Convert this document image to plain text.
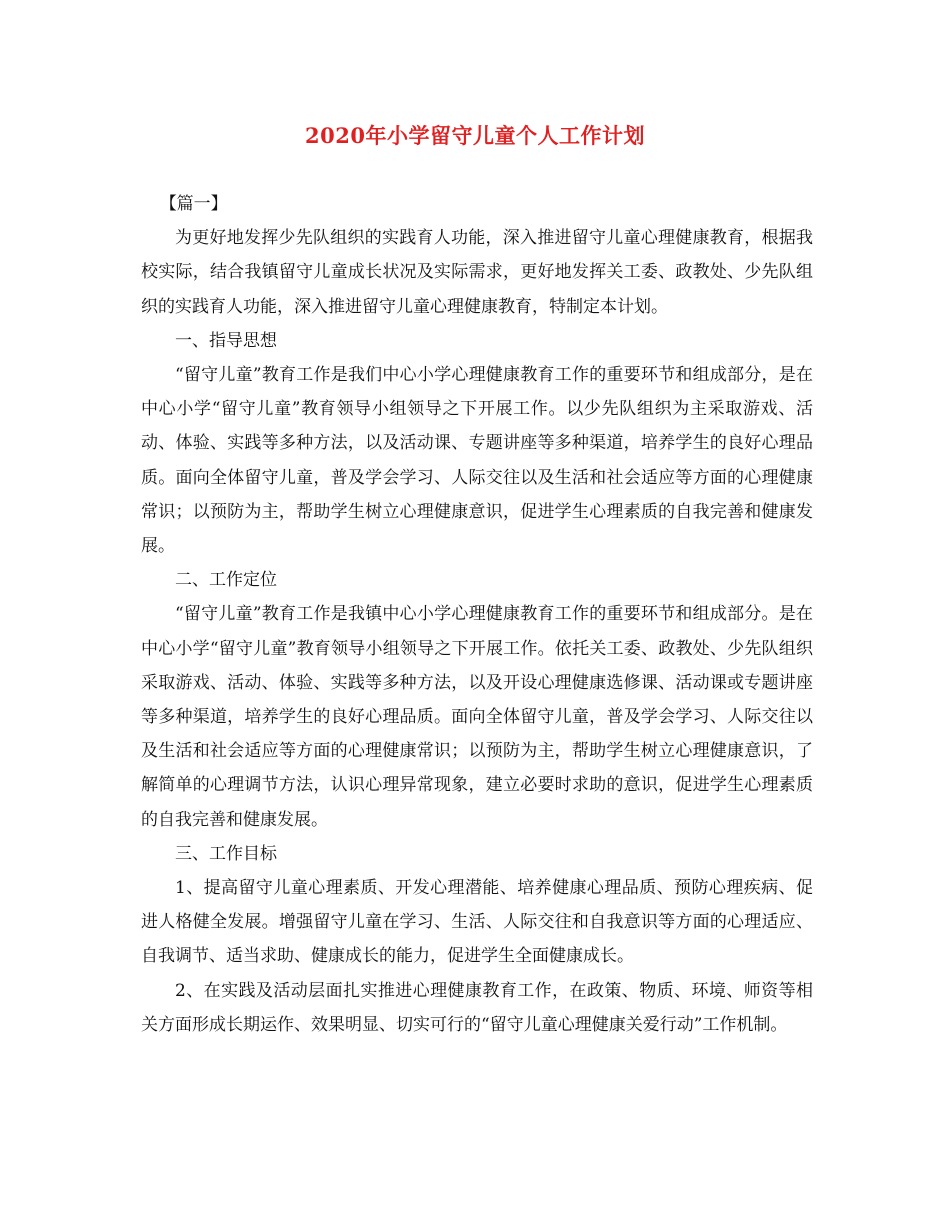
2020年小学留守儿童个人工作计划

【篇一】

为更好地发挥少先队组织的实践育人功能，深入推进留守儿童心理健康教育，根据我校实际，结合我镇留守儿童成长状况及实际需求，更好地发挥关工委、政教处、少先队组织的实践育人功能，深入推进留守儿童心理健康教育，特制定本计划。

一、指导思想

“留守儿童”教育工作是我们中心小学心理健康教育工作的重要环节和组成部分，是在中心小学“留守儿童”教育领导小组领导之下开展工作。以少先队组织为主采取游戏、活动、体验、实践等多种方法，以及活动课、专题讲座等多种渠道，培养学生的良好心理品质。面向全体留守儿童，普及学会学习、人际交往以及生活和社会适应等方面的心理健康常识；以预防为主，帮助学生树立心理健康意识，促进学生心理素质的自我完善和健康发展。

二、工作定位

“留守儿童”教育工作是我镇中心小学心理健康教育工作的重要环节和组成部分。是在中心小学“留守儿童”教育领导小组领导之下开展工作。依托关工委、政教处、少先队组织采取游戏、活动、体验、实践等多种方法，以及开设心理健康选修课、活动课或专题讲座等多种渠道，培养学生的良好心理品质。面向全体留守儿童，普及学会学习、人际交往以及生活和社会适应等方面的心理健康常识；以预防为主，帮助学生树立心理健康意识，了解简单的心理调节方法，认识心理异常现象，建立必要时求助的意识，促进学生心理素质的自我完善和健康发展。

三、工作目标

1、提高留守儿童心理素质、开发心理潜能、培养健康心理品质、预防心理疾病、促进人格健全发展。增强留守儿童在学习、生活、人际交往和自我意识等方面的心理适应、自我调节、适当求助、健康成长的能力，促进学生全面健康成长。

2、在实践及活动层面扎实推进心理健康教育工作，在政策、物质、环境、师资等相关方面形成长期运作、效果明显、切实可行的“留守儿童心理健康关爱行动”工作机制。
